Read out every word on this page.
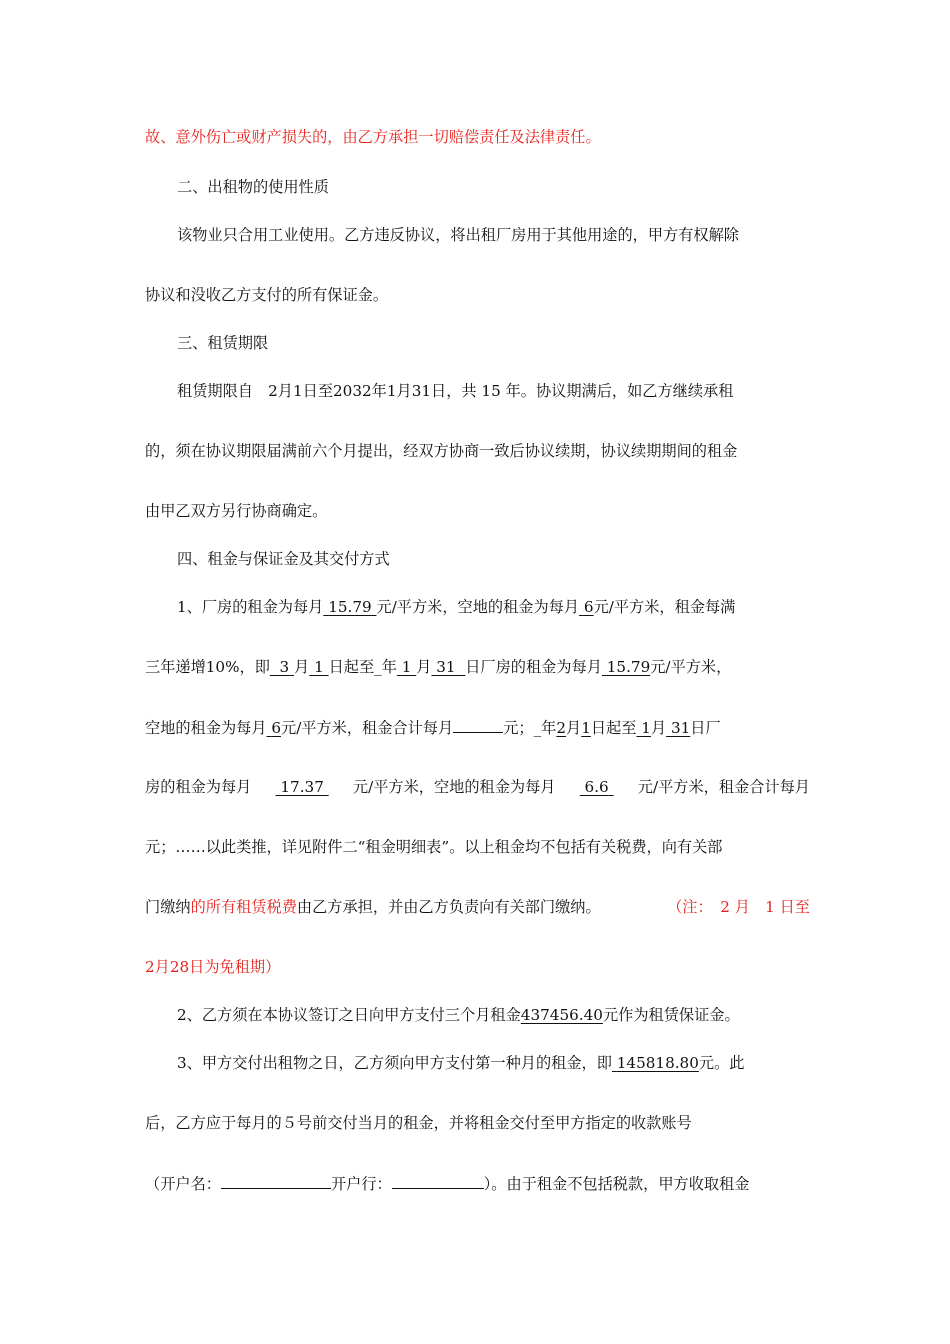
故、意外伤亡或财产损失的，由乙方承担一切赔偿责任及法律责任。
二、出租物的使用性质
该物业只合用工业使用。乙方违反协议，将出租厂房用于其他用途的，甲方有权解除
协议和没收乙方支付的所有保证金。
三、租赁期限
租赁期限自　2月1日至2032年1月31日，共 15 年。协议期满后，如乙方继续承租
的，须在协议期限届满前六个月提出，经双方协商一致后协议续期，协议续期期间的租金
由甲乙双方另行协商确定。
四、租金与保证金及其交付方式
1、厂房的租金为每月 15.79 元/平方米，空地的租金为每月 6元/平方米，租金每满
三年递增10%，即 3 月 1 日起至_年 1 月 31 日厂房的租金为每月 15.79元/平方米，
空地的租金为每月 6元/平方米，租金合计每月	元；_年2月1日起至 1月 31日厂
房的租金为每月	17.37	元/平方米，空地的租金为每月	6.6	元/平方米，租金合计每月
元；……以此类推，详见附件二“租金明细表”。以上租金均不包括有关税费，向有关部
门缴纳的所有租赁税费由乙方承担，并由乙方负责向有关部门缴纳。	（注：　2 月　1 日至
2月28日为免租期）
2、乙方须在本协议签订之日向甲方支付三个月租金437456.40元作为租赁保证金。
3、甲方交付出租物之日，乙方须向甲方支付第一种月的租金，即 145818.80元。此
后，乙方应于每月的５号前交付当月的租金，并将租金交付至甲方指定的收款账号
（开户名：	开户行：	）。由于租金不包括税款，甲方收取租金
